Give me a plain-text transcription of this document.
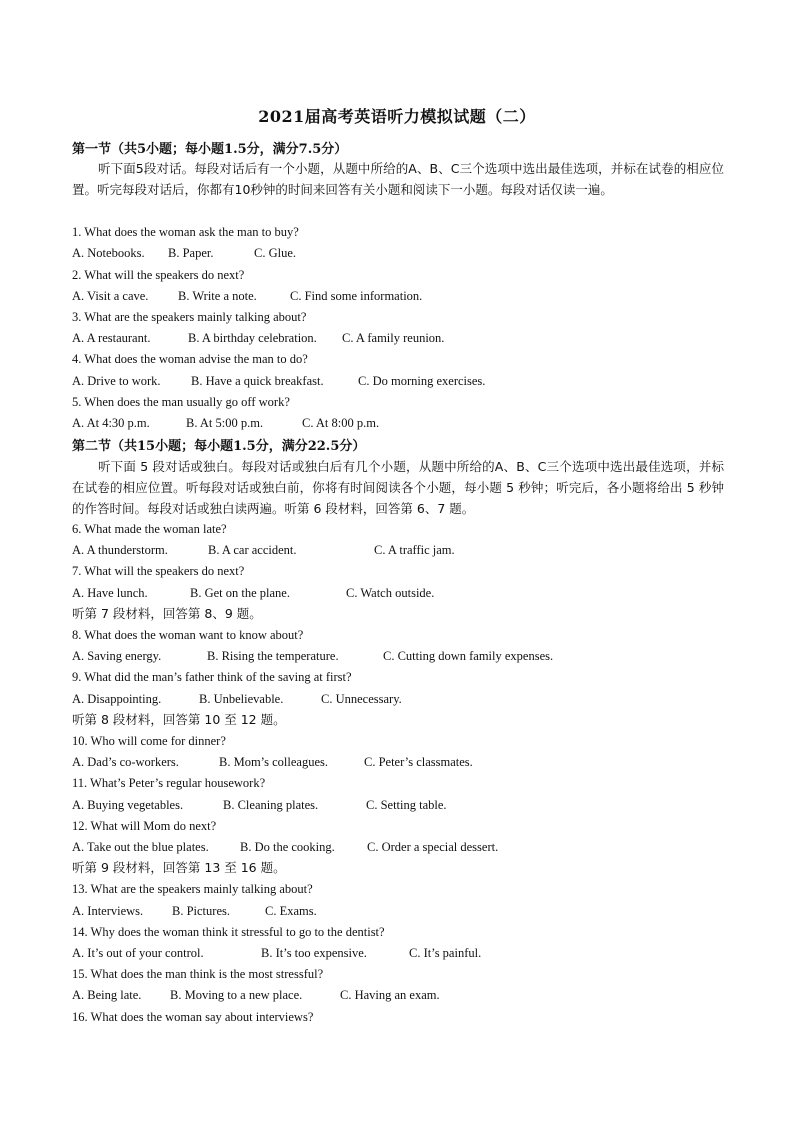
2021届高考英语听力模拟试题（二）
第一节（共5小题；每小题1.5分，满分7.5分）
听下面5段对话。每段对话后有一个小题，从题中所给的A、B、C三个选项中选出最佳选项，并标在试卷的相应位置。听完每段对话后，你都有10秒钟的时间来回答有关小题和阅读下一小题。每段对话仅读一遍。
1. What does the woman ask the man to buy?
A. Notebooks. B. Paper.	C. Glue.
2. What will the speakers do next?
A. Visit a cave. B. Write a note.	C. Find some information.
3. What are the speakers mainly talking about?
A. A restaurant.	B. A birthday celebration. C. A family reunion.
4. What does the woman advise the man to do?
A. Drive to work. B. Have a quick breakfast.	C. Do morning exercises.
5. When does the man usually go off work?
A. At 4:30 p.m.	B. At 5:00 p.m.	C. At 8:00 p.m.
第二节（共15小题；每小题1.5分，满分22.5分）
听下面 5 段对话或独白。每段对话或独白后有几个小题，从题中所给的A、B、C三个选项中选出最佳选项，并标在试卷的相应位置。听每段对话或独白前，你将有时间阅读各个小题，每小题 5 秒钟；听完后，各小题将给出 5 秒钟的作答时间。每段对话或独白读两遍。听第 6 段材料，回答第 6、7 题。
6. What made the woman late?
A. A thunderstorm.	B. A car accident.	C. A traffic jam.
7. What will the speakers do next?
A. Have lunch.	B. Get on the plane.	C. Watch outside.
听第 7 段材料，回答第 8、9 题。
8. What does the woman want to know about?
A. Saving energy.	B. Rising the temperature.	C. Cutting down family expenses.
9. What did the man’s father think of the saving at first?
A. Disappointing.	B. Unbelievable.	C. Unnecessary.
听第 8 段材料，回答第 10 至 12 题。
10. Who will come for dinner?
A. Dad’s co-workers.	B. Mom’s colleagues.	C. Peter’s classmates.
11. What’s Peter’s regular housework?
A. Buying vegetables.	B. Cleaning plates.	C. Setting table.
12. What will Mom do next?
A. Take out the blue plates.	B. Do the cooking.	C. Order a special dessert.
听第 9 段材料，回答第 13 至 16 题。
13. What are the speakers mainly talking about?
A. Interviews. B. Pictures.	C. Exams.
14. Why does the woman think it stressful to go to the dentist?
A. It’s out of your control.	B. It’s too expensive.	C. It’s painful.
15. What does the man think is the most stressful?
A. Being late. B. Moving to a new place.	C. Having an exam.
16. What does the woman say about interviews?
